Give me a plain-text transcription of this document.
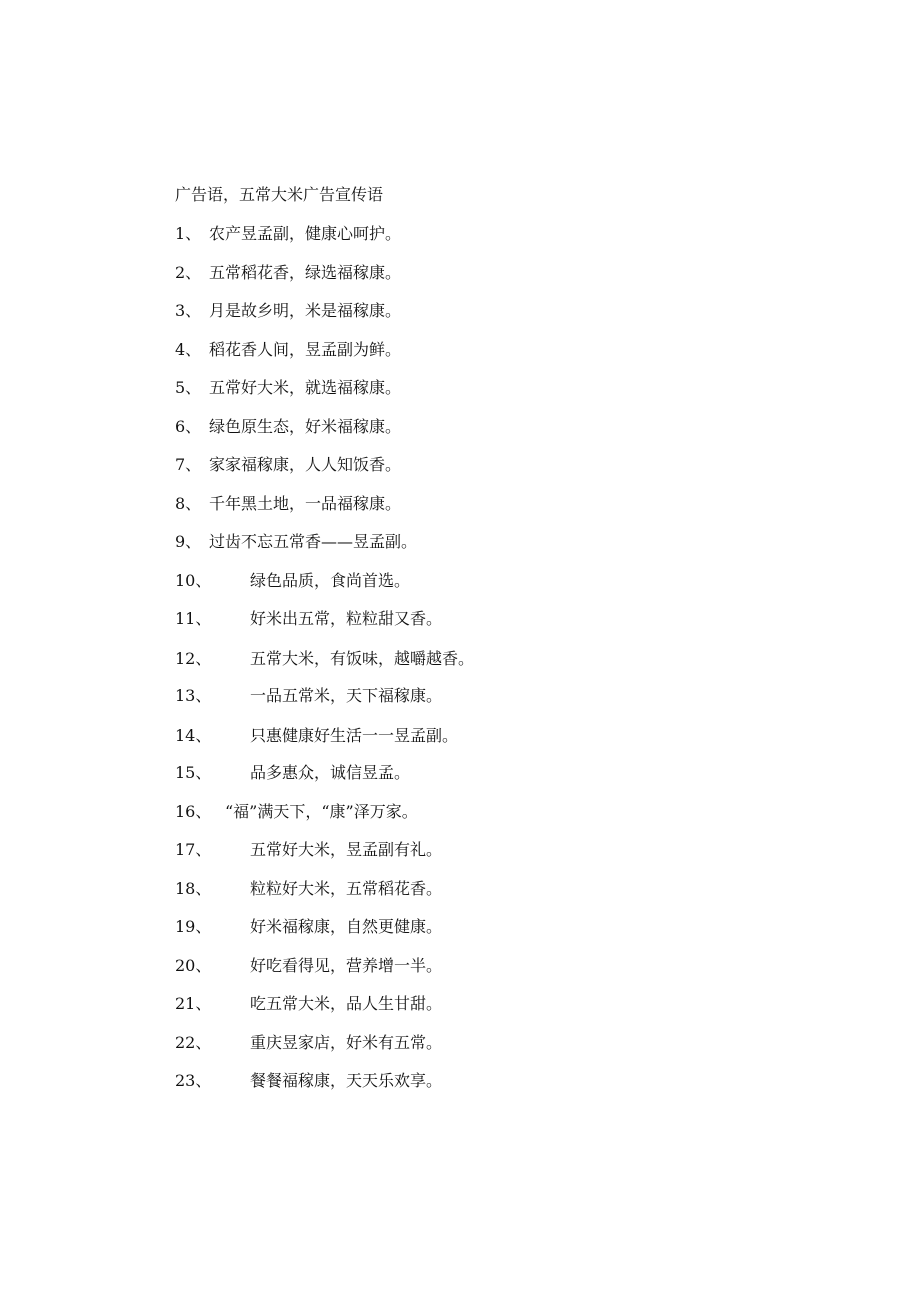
广告语，五常大米广告宣传语
1、 农产昱孟副，健康心呵护。
2、 五常稻花香，绿选福稼康。
3、 月是故乡明，米是福稼康。
4、 稻花香人间，昱孟副为鲜。
5、 五常好大米，就选福稼康。
6、 绿色原生态，好米福稼康。
7、 家家福稼康，人人知饭香。
8、 千年黑土地，一品福稼康。
9、 过齿不忘五常香——昱孟副。
10、 绿色品质，食尚首选。
11、 好米出五常，粒粒甜又香。
12、 五常大米，有饭味，越嚼越香。
13、 一品五常米，天下福稼康。
14、 只惠健康好生活一一昱孟副。
15、 品多惠众，诚信昱孟。
16、 “福”满天下，“康”泽万家。
17、 五常好大米，昱孟副有礼。
18、 粒粒好大米，五常稻花香。
19、 好米福稼康，自然更健康。
20、 好吃看得见，营养增一半。
21、 吃五常大米，品人生甘甜。
22、 重庆昱家店，好米有五常。
23、 餐餐福稼康，天天乐欢享。
